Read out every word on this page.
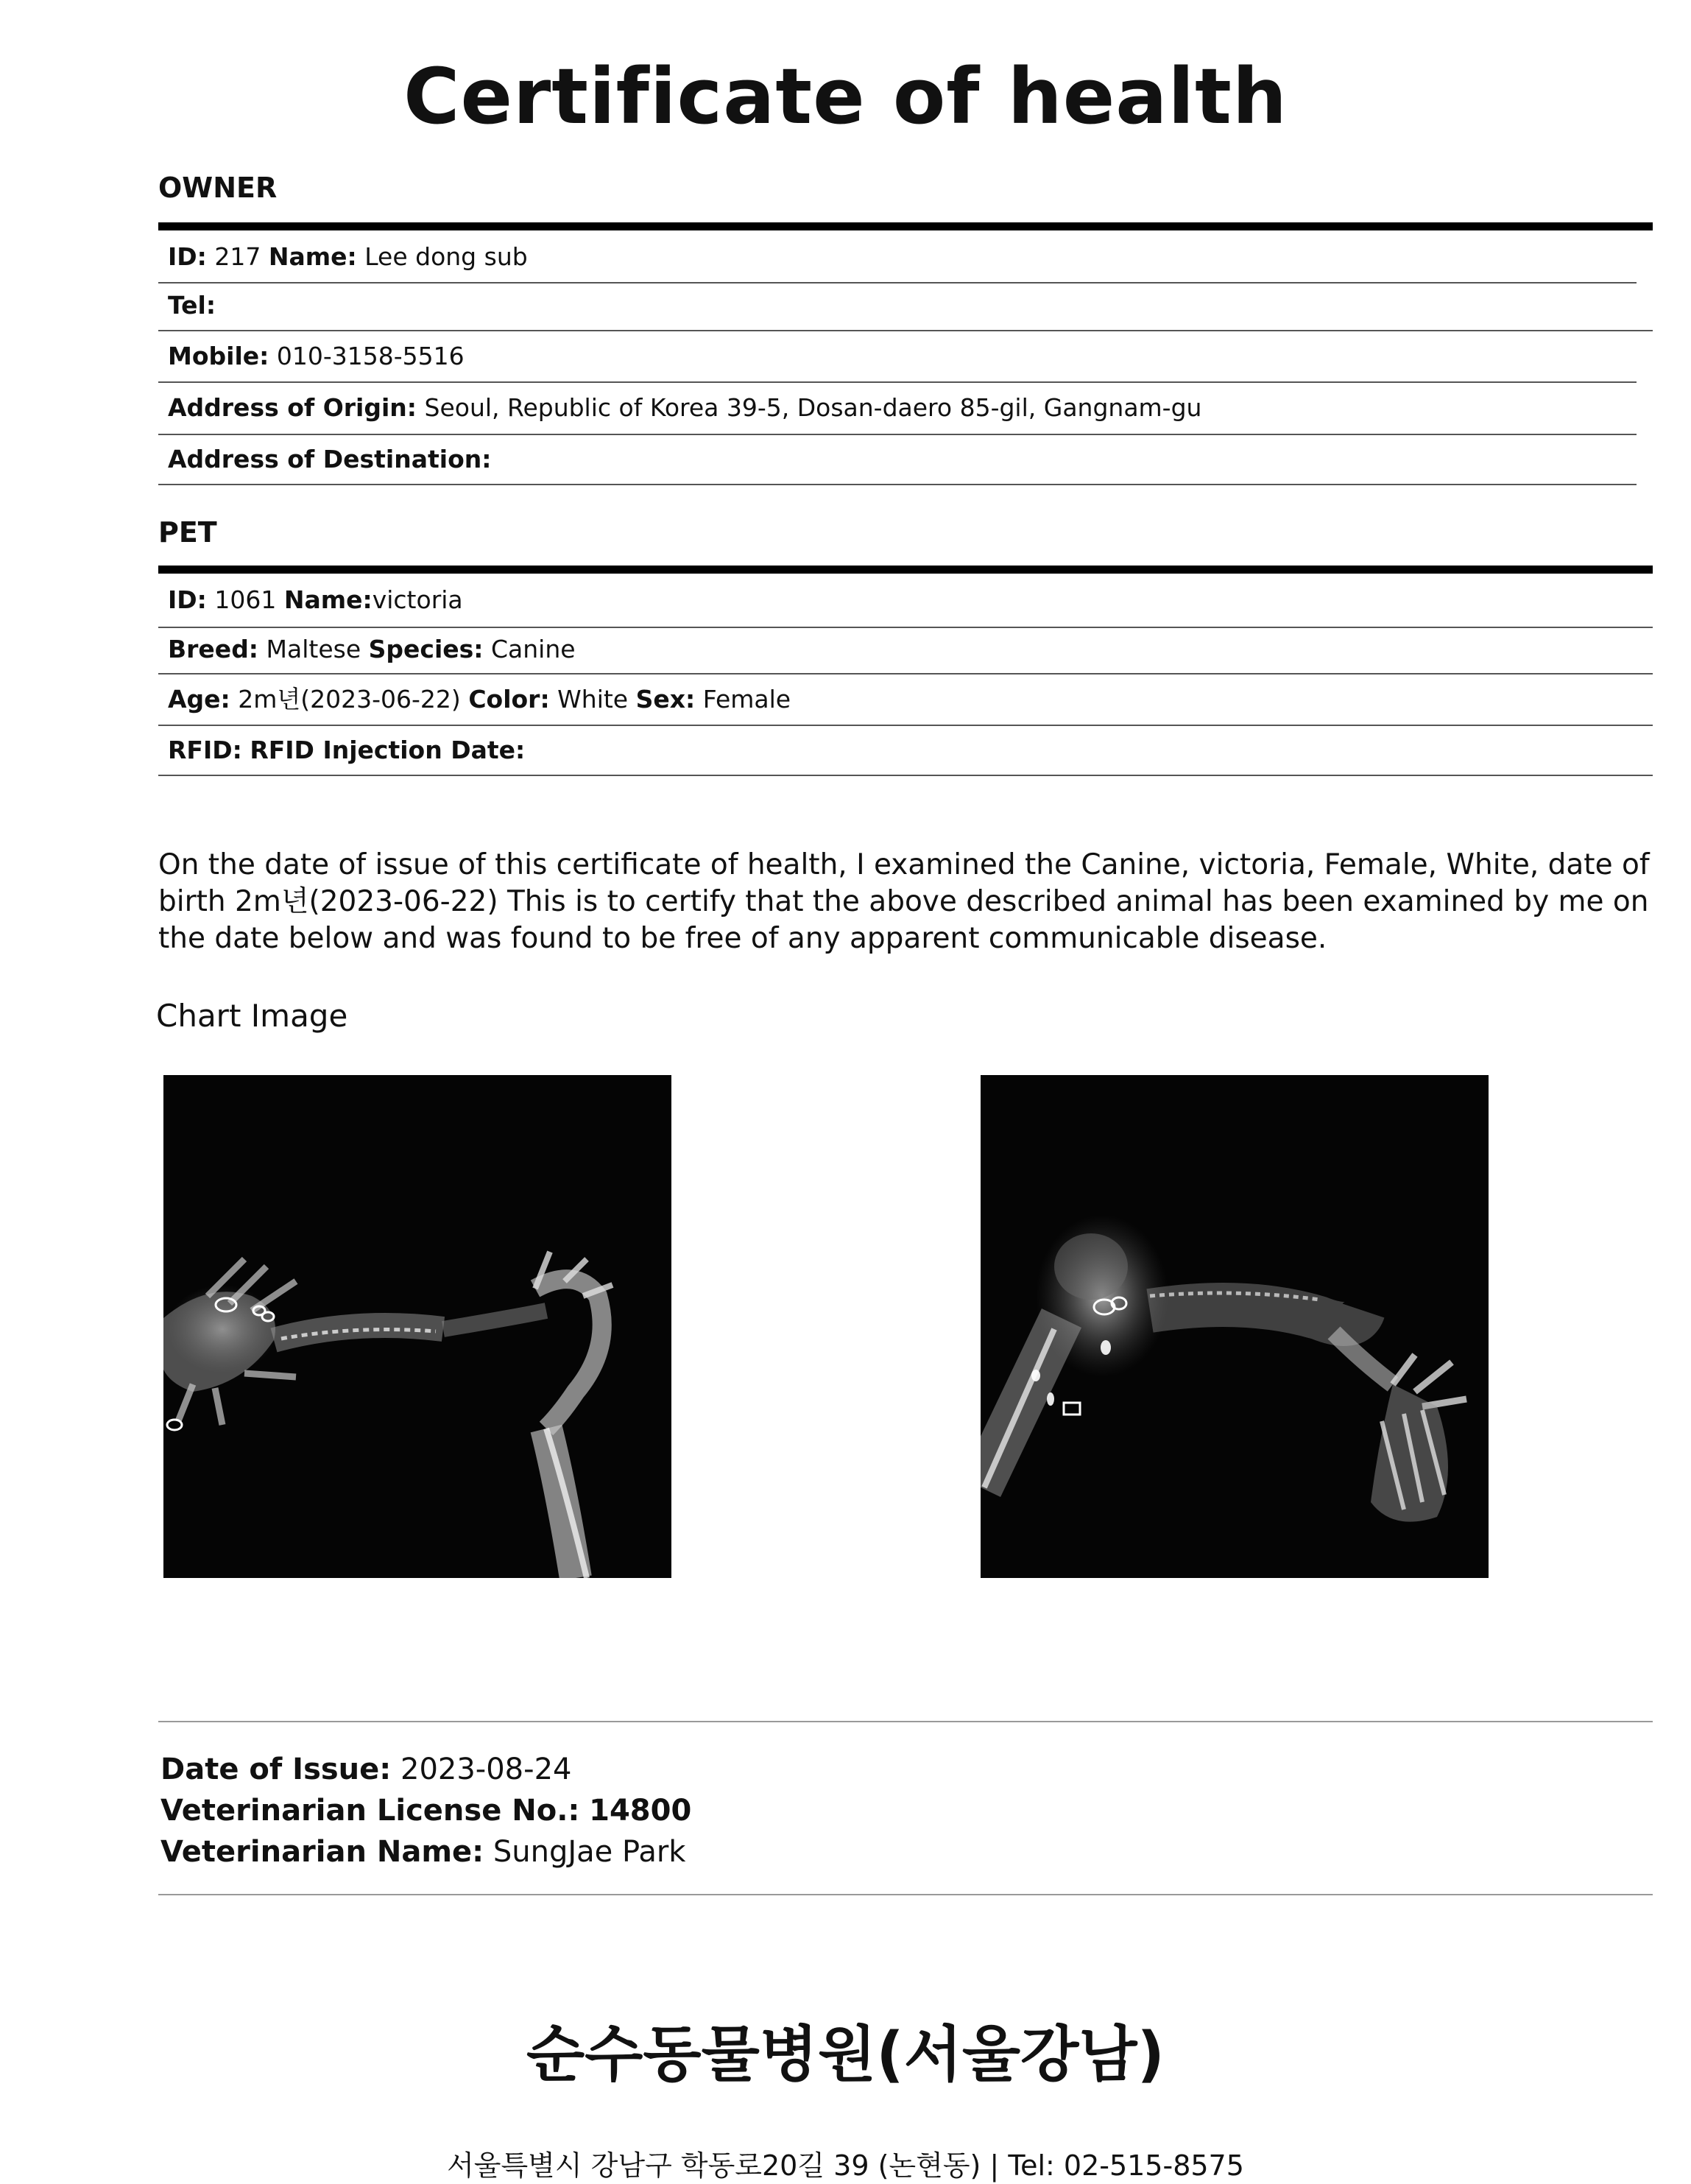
Certificate of health
OWNER
ID: 217 Name: Lee dong sub
Tel:
Mobile: 010-3158-5516
Address of Origin: Seoul, Republic of Korea 39-5, Dosan-daero 85-gil, Gangnam-gu
Address of Destination:
PET
ID: 1061 Name:victoria
Breed: Maltese Species: Canine
Age: 2m년(2023-06-22) Color: White Sex: Female
RFID: RFID Injection Date:

On the date of issue of this certificate of health, I examined the Canine, victoria, Female, White, date of birth 2m년(2023-06-22) This is to certify that the above described animal has been examined by me on the date below and was found to be free of any apparent communicable disease.

Chart Image
Date of Issue: 2023-08-24
Veterinarian License No.: 14800
Veterinarian Name: SungJae Park
순수동물병원(서울강남)

서울특별시 강남구 학동로20길 39 (논현동) | Tel: 02-515-8575
